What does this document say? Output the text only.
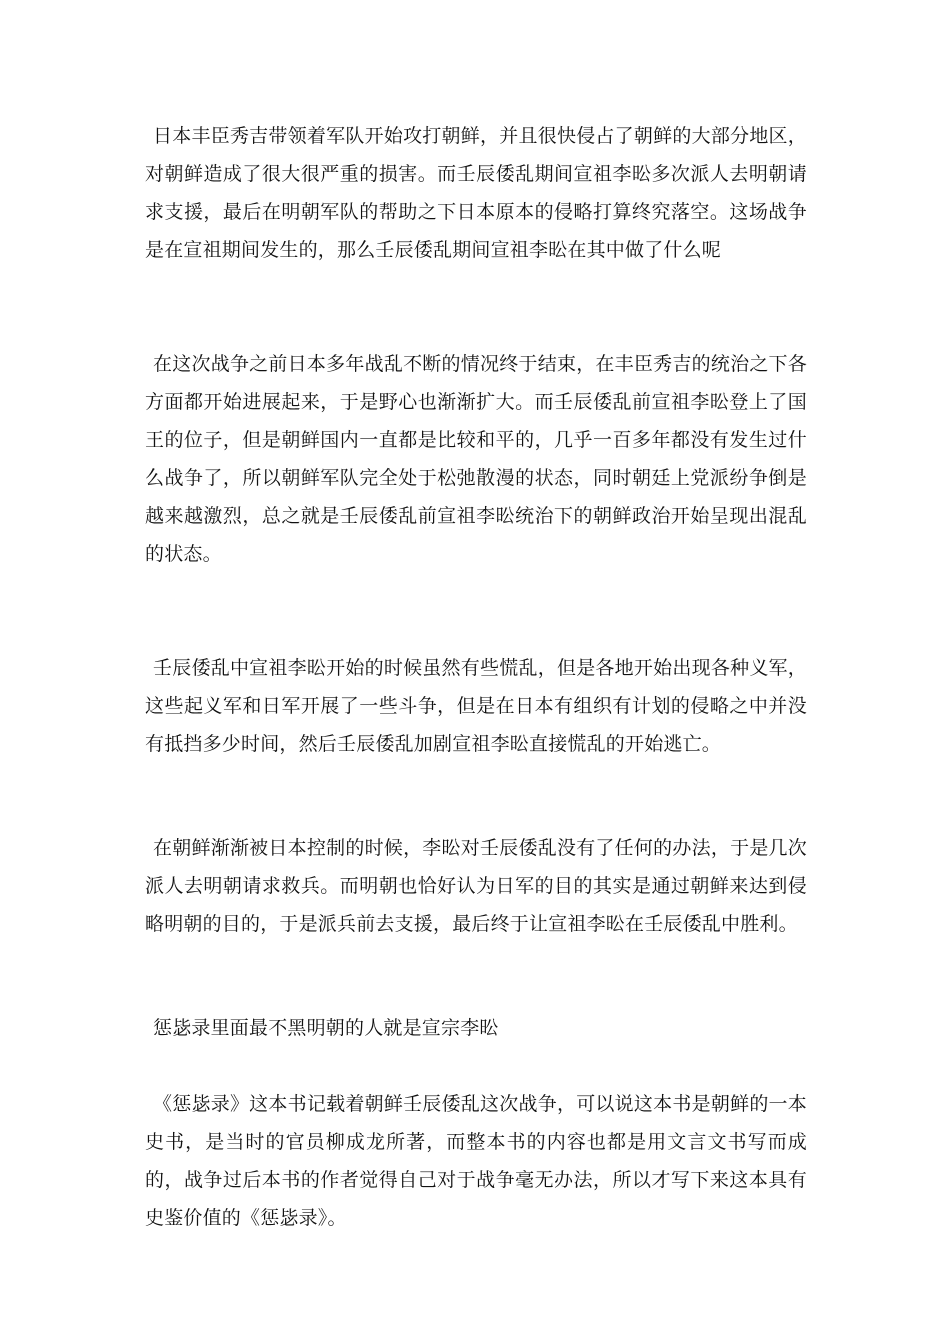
日本丰臣秀吉带领着军队开始攻打朝鲜，并且很快侵占了朝鲜的大部分地区，对朝鲜造成了很大很严重的损害。而壬辰倭乱期间宣祖李昖多次派人去明朝请求支援，最后在明朝军队的帮助之下日本原本的侵略打算终究落空。这场战争是在宣祖期间发生的，那么壬辰倭乱期间宣祖李昖在其中做了什么呢

在这次战争之前日本多年战乱不断的情况终于结束，在丰臣秀吉的统治之下各方面都开始进展起来，于是野心也渐渐扩大。而壬辰倭乱前宣祖李昖登上了国王的位子，但是朝鲜国内一直都是比较和平的，几乎一百多年都没有发生过什么战争了，所以朝鲜军队完全处于松弛散漫的状态，同时朝廷上党派纷争倒是越来越激烈，总之就是壬辰倭乱前宣祖李昖统治下的朝鲜政治开始呈现出混乱的状态。

壬辰倭乱中宣祖李昖开始的时候虽然有些慌乱，但是各地开始出现各种义军，这些起义军和日军开展了一些斗争，但是在日本有组织有计划的侵略之中并没有抵挡多少时间，然后壬辰倭乱加剧宣祖李昖直接慌乱的开始逃亡。

在朝鲜渐渐被日本控制的时候，李昖对壬辰倭乱没有了任何的办法，于是几次派人去明朝请求救兵。而明朝也恰好认为日军的目的其实是通过朝鲜来达到侵略明朝的目的，于是派兵前去支援，最后终于让宣祖李昖在壬辰倭乱中胜利。

惩毖录里面最不黑明朝的人就是宣宗李昖

《惩毖录》这本书记载着朝鲜壬辰倭乱这次战争，可以说这本书是朝鲜的一本史书，是当时的官员柳成龙所著，而整本书的内容也都是用文言文书写而成的，战争过后本书的作者觉得自己对于战争毫无办法，所以才写下来这本具有史鉴价值的《惩毖录》。
